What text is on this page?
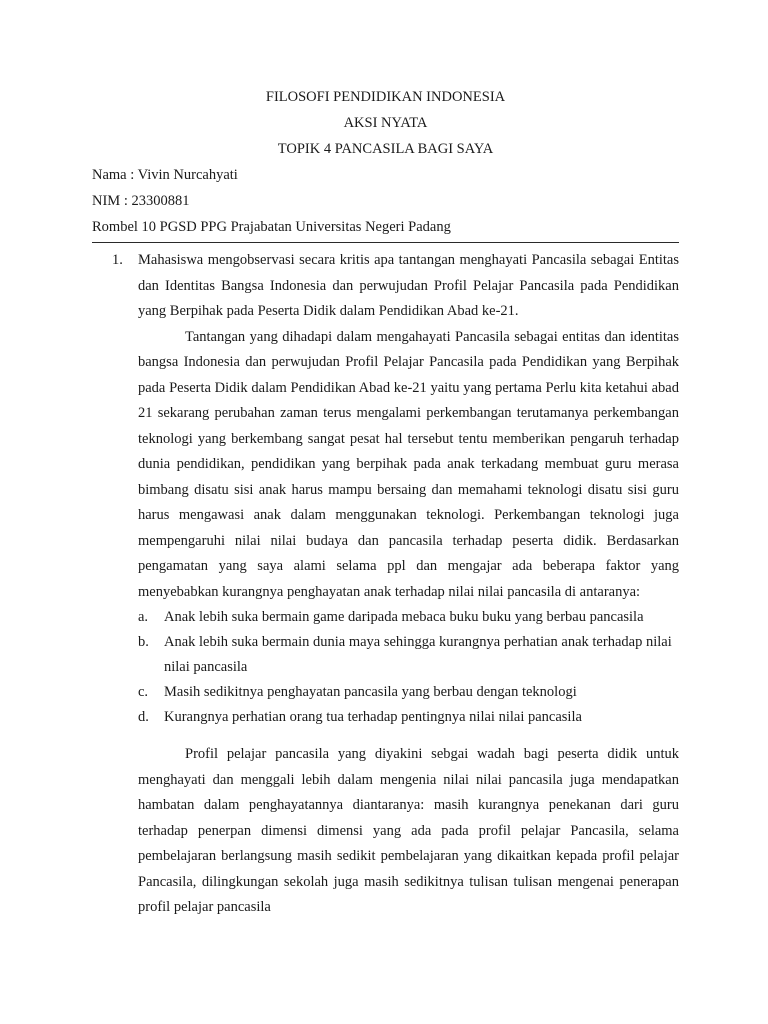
FILOSOFI PENDIDIKAN INDONESIA
AKSI NYATA
TOPIK 4 PANCASILA BAGI SAYA

Nama : Vivin Nurcahyati

NIM : 23300881

Rombel 10 PGSD PPG Prajabatan Universitas Negeri Padang

1.	Mahasiswa mengobservasi secara kritis apa tantangan menghayati Pancasila sebagai Entitas dan Identitas Bangsa Indonesia dan perwujudan Profil Pelajar Pancasila pada Pendidikan yang Berpihak pada Peserta Didik dalam Pendidikan Abad ke-21.

Tantangan yang dihadapi dalam mengahayati Pancasila sebagai entitas dan identitas bangsa Indonesia dan perwujudan Profil Pelajar Pancasila pada Pendidikan yang Berpihak pada Peserta Didik dalam Pendidikan Abad ke-21 yaitu yang pertama Perlu kita ketahui abad 21 sekarang perubahan zaman terus mengalami perkembangan terutamanya perkembangan teknologi yang berkembang sangat pesat hal tersebut tentu memberikan pengaruh terhadap dunia pendidikan, pendidikan yang berpihak pada anak terkadang membuat guru merasa bimbang disatu sisi anak harus mampu bersaing dan memahami teknologi disatu sisi guru harus mengawasi anak dalam menggunakan teknologi. Perkembangan teknologi juga mempengaruhi nilai nilai budaya dan pancasila terhadap peserta didik. Berdasarkan pengamatan yang saya alami selama ppl dan mengajar ada beberapa faktor yang menyebabkan kurangnya penghayatan anak terhadap nilai nilai pancasila di antaranya:

a.	Anak lebih suka bermain game daripada mebaca buku buku yang berbau pancasila
b.	Anak lebih suka bermain dunia maya sehingga kurangnya perhatian anak terhadap nilai nilai pancasila
c.	Masih sedikitnya penghayatan pancasila yang berbau dengan teknologi
d.	Kurangnya perhatian orang tua terhadap pentingnya nilai nilai pancasila

Profil pelajar pancasila yang diyakini sebgai wadah bagi peserta didik untuk menghayati dan menggali lebih dalam mengenia nilai nilai pancasila juga mendapatkan hambatan dalam penghayatannya diantaranya: masih kurangnya penekanan dari guru terhadap penerpan dimensi dimensi yang ada pada profil pelajar Pancasila, selama pembelajaran berlangsung masih sedikit pembelajaran yang dikaitkan kepada profil pelajar Pancasila, dilingkungan sekolah juga masih sedikitnya tulisan tulisan mengenai penerapan profil pelajar pancasila
